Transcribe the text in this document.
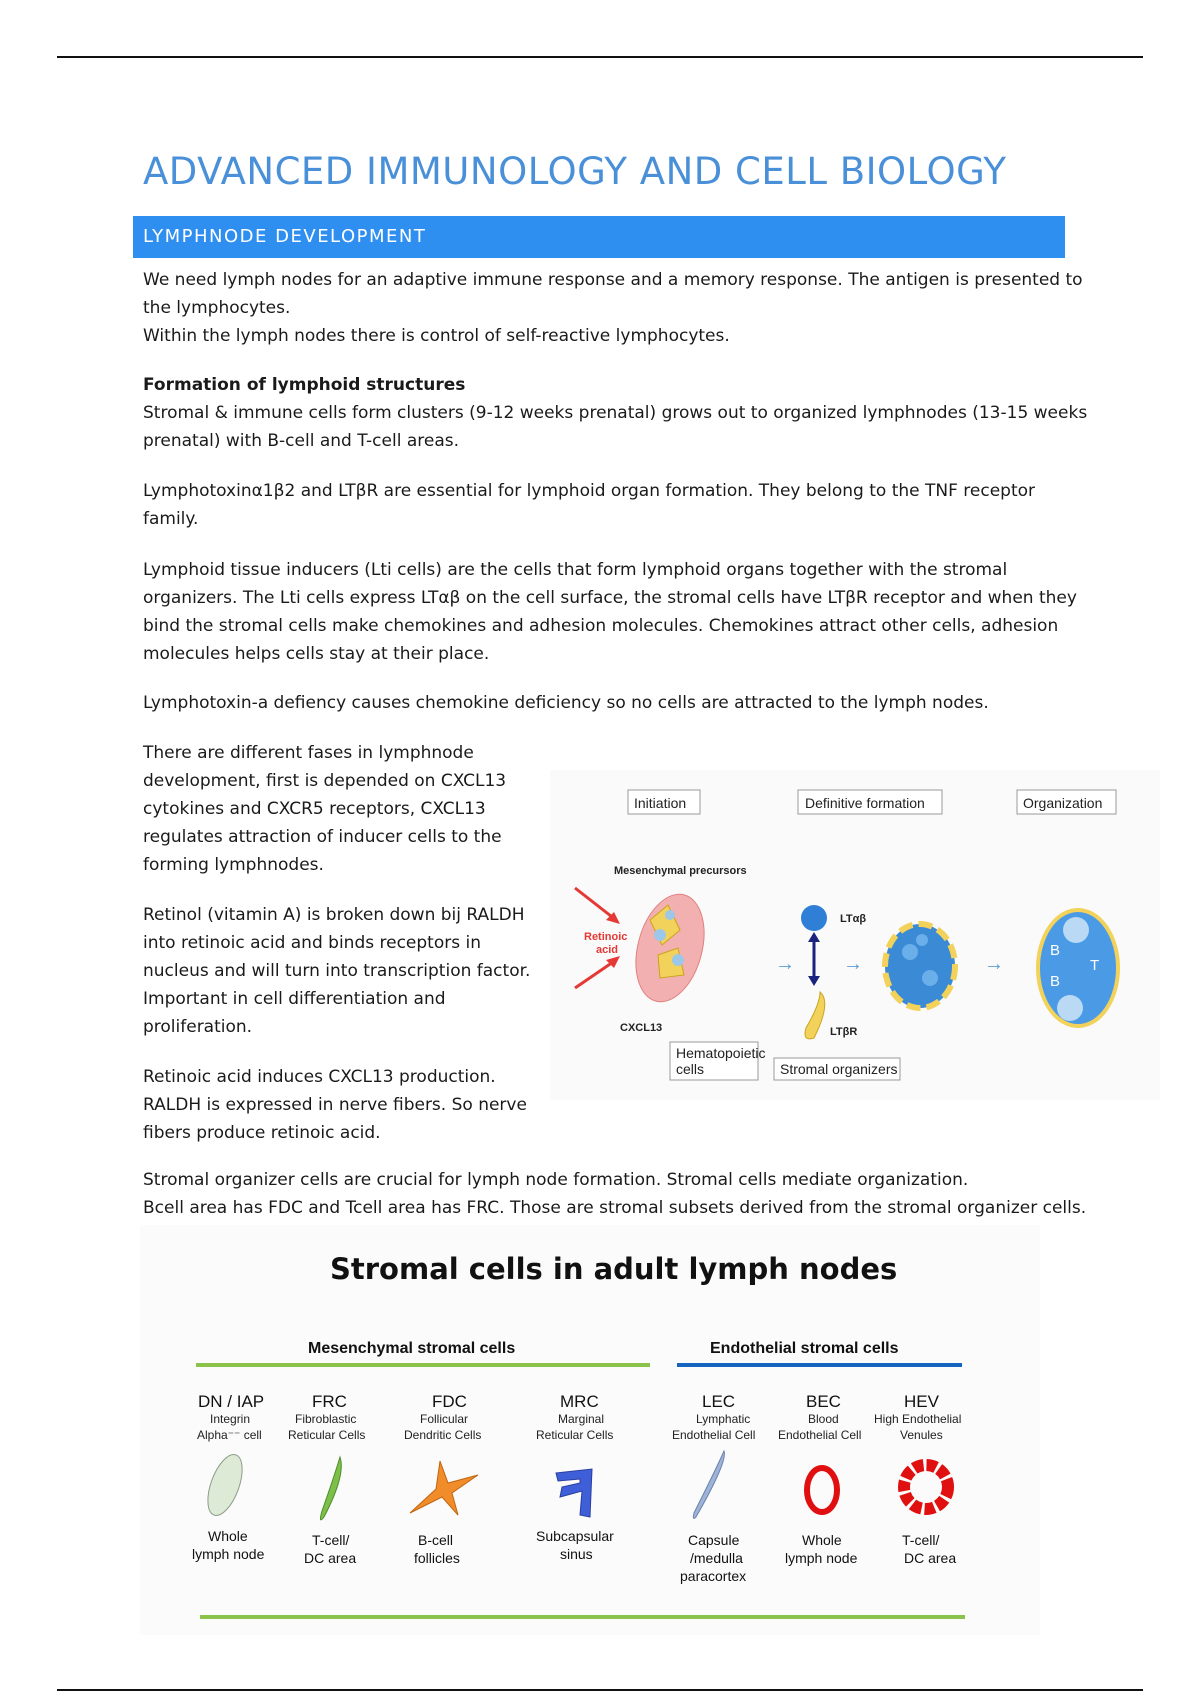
ADVANCED IMMUNOLOGY AND CELL BIOLOGY
LYMPHNODE DEVELOPMENT
We need lymph nodes for an adaptive immune response and a memory response. The antigen is presented to
the lymphocytes.
Within the lymph nodes there is control of self-reactive lymphocytes.
Formation of lymphoid structures
Stromal & immune cells form clusters (9-12 weeks prenatal) grows out to organized lymphnodes (13-15 weeks
prenatal) with B-cell and T-cell areas.
Lymphotoxinα1β2 and LTβR are essential for lymphoid organ formation. They belong to the TNF receptor
family.
Lymphoid tissue inducers (Lti cells) are the cells that form lymphoid organs together with the stromal
organizers. The Lti cells express LTαβ on the cell surface, the stromal cells have LTβR receptor and when they
bind the stromal cells make chemokines and adhesion molecules. Chemokines attract other cells, adhesion
molecules helps cells stay at their place.
Lymphotoxin-a defiency causes chemokine deficiency so no cells are attracted to the lymph nodes.
There are different fases in lymphnode
development, first is depended on CXCL13
cytokines and CXCR5 receptors, CXCL13
regulates attraction of inducer cells to the
forming lymphnodes.
Retinol (vitamin A) is broken down bij RALDH
into retinoic acid and binds receptors in
nucleus and will turn into transcription factor.
Important in cell differentiation and
proliferation.
Retinoic acid induces CXCL13 production.
RALDH is expressed in nerve fibers. So nerve
fibers produce retinoic acid.
Initiation	Definitive formation	Organization
Mesenchymal precursors
Retinoic
acid
CXCL13
Hematopoietic
cells	Stromal organizers
→ →	→
LTαβ
LTβR
B
B
T
Stromal organizer cells are crucial for lymph node formation. Stromal cells mediate organization.
Bcell area has FDC and Tcell area has FRC. Those are stromal subsets derived from the stromal organizer cells.
Stromal cells in adult lymph nodes
Mesenchymal stromal cells	Endothelial stromal cells
DN / IAP
Integrin
Alpha⁻⁻ cell
Whole
lymph node
FRC
Fibroblastic
Reticular Cells
T-cell/
DC area
FDC
Follicular
Dendritic Cells
B-cell
follicles
MRC
Marginal
Reticular Cells
Subcapsular
sinus
LEC
Lymphatic
Endothelial Cell
Capsule
/medulla
paracortex
BEC
Blood
Endothelial Cell
Whole
lymph node
HEV
High Endothelial
Venules
T-cell/
DC area
